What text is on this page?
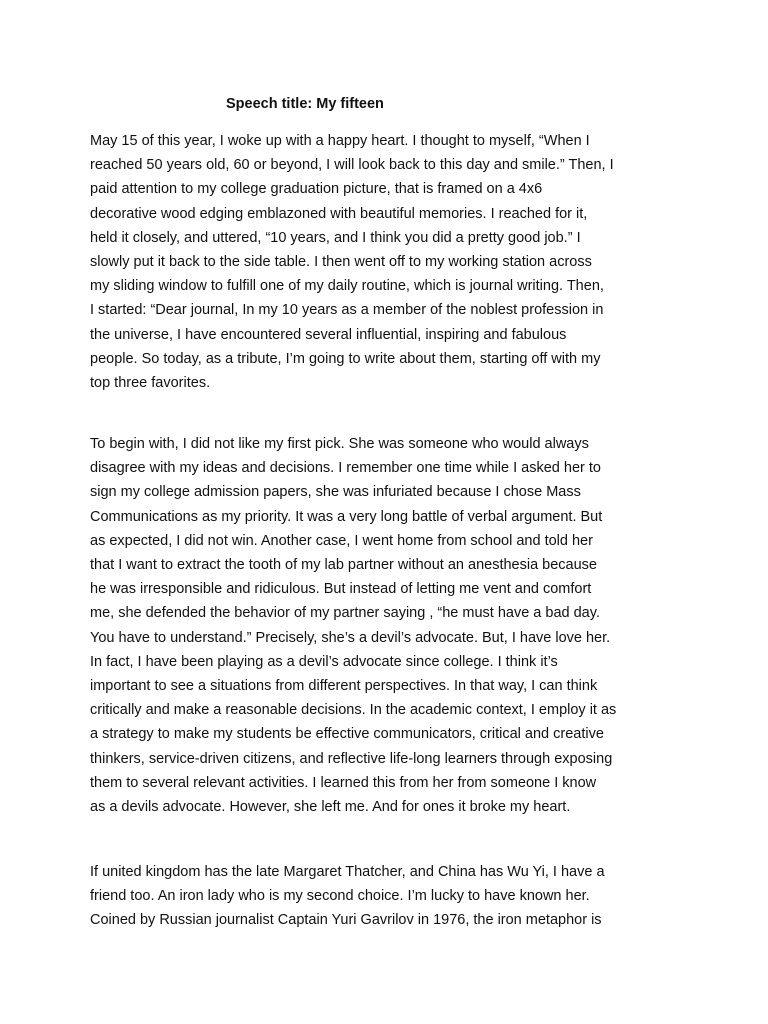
Speech title: My fifteen
May 15 of this year, I woke up with a happy heart. I thought to myself, “When I
reached 50 years old, 60 or beyond, I will look back to this day and smile.” Then, I
paid attention to my college graduation picture, that is framed on a 4x6
decorative wood edging emblazoned with beautiful memories. I reached for it,
held it closely, and uttered, “10 years, and I think you did a pretty good job.” I
slowly put it back to the side table. I then went off to my working station across
my sliding window to fulfill one of my daily routine, which is journal writing. Then,
I started: “Dear journal, In my 10 years as a member of the noblest profession in
the universe, I have encountered several influential, inspiring and fabulous
people. So today, as a tribute, I’m going to write about them, starting off with my
top three favorites.
To begin with, I did not like my first pick. She was someone who would always
disagree with my ideas and decisions. I remember one time while I asked her to
sign my college admission papers, she was infuriated because I chose Mass
Communications as my priority. It was a very long battle of verbal argument. But
as expected, I did not win. Another case, I went home from school and told her
that I want to extract the tooth of my lab partner without an anesthesia because
he was irresponsible and ridiculous. But instead of letting me vent and comfort
me, she defended the behavior of my partner saying , “he must have a bad day.
You have to understand.” Precisely, she’s a devil’s advocate. But, I have love her.
In fact, I have been playing as a devil’s advocate since college. I think it’s
important to see a situations from different perspectives. In that way, I can think
critically and make a reasonable decisions. In the academic context, I employ it as
a strategy to make my students be effective communicators, critical and creative
thinkers, service-driven citizens, and reflective life-long learners through exposing
them to several relevant activities. I learned this from her from someone I know
as a devils advocate. However, she left me. And for ones it broke my heart.
If united kingdom has the late Margaret Thatcher, and China has Wu Yi, I have a
friend too. An iron lady who is my second choice. I’m lucky to have known her.
Coined by Russian journalist Captain Yuri Gavrilov in 1976, the iron metaphor is
